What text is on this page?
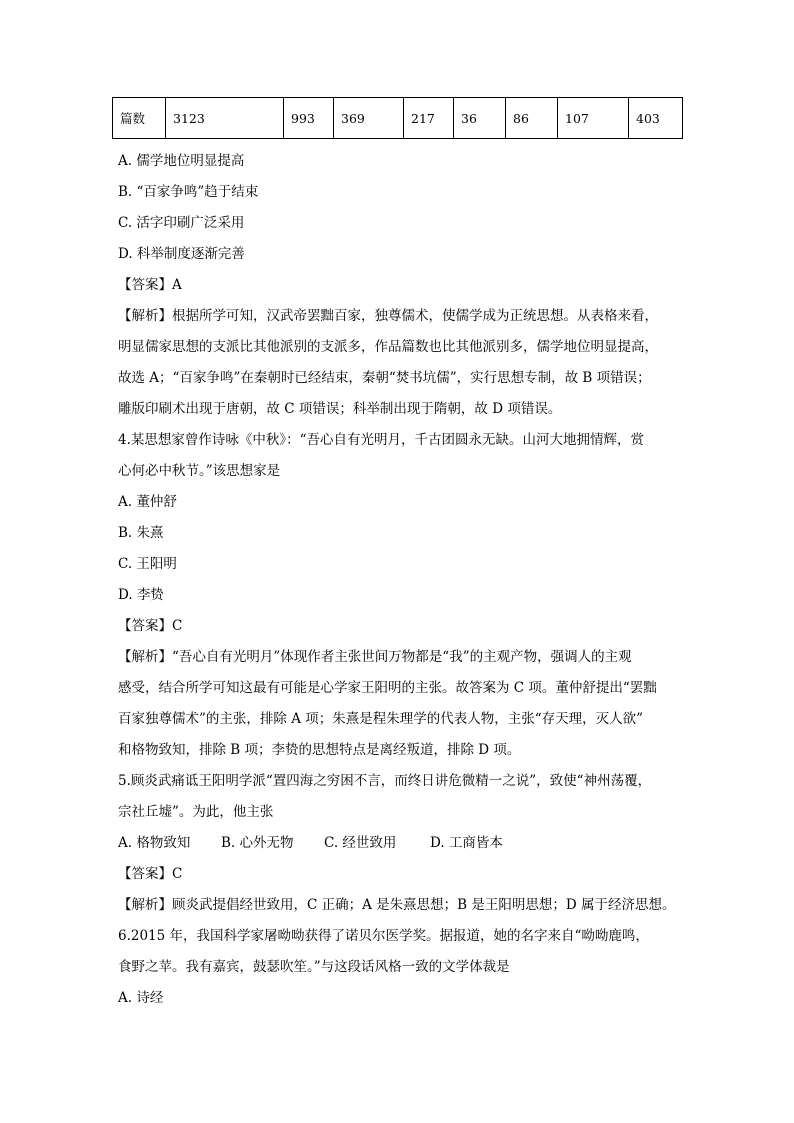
篇数	3123	993	369	217	36	86	107	403

A. 儒学地位明显提高

B. “百家争鸣”趋于结束

C. 活字印刷广泛采用

D. 科举制度逐渐完善

【答案】A

【解析】根据所学可知，汉武帝罢黜百家，独尊儒术，使儒学成为正统思想。从表格来看，

明显儒家思想的支派比其他派别的支派多，作品篇数也比其他派别多，儒学地位明显提高，

故选 A；“百家争鸣”在秦朝时已经结束，秦朝“焚书坑儒”，实行思想专制，故 B 项错误；

雕版印刷术出现于唐朝，故 C 项错误；科举制出现于隋朝，故 D 项错误。

4.某思想家曾作诗咏《中秋》：“吾心自有光明月，千古团圆永无缺。山河大地拥情辉，赏

心何必中秋节。”该思想家是

A. 董仲舒

B. 朱熹

C. 王阳明

D. 李贽

【答案】C

【解析】“吾心自有光明月”体现作者主张世间万物都是“我”的主观产物，强调人的主观

感受，结合所学可知这最有可能是心学家王阳明的主张。故答案为 C 项。董仲舒提出“罢黜

百家独尊儒术”的主张，排除 A 项；朱熹是程朱理学的代表人物，主张“存天理，灭人欲”

和格物致知，排除 B 项；李贽的思想特点是离经叛道，排除 D 项。

5.顾炎武痛诋王阳明学派“置四海之穷困不言，而终日讲危微精一之说”，致使“神州荡覆，

宗社丘墟”。为此，他主张

A. 格物致知	B. 心外无物	C. 经世致用	D. 工商皆本

【答案】C

【解析】顾炎武提倡经世致用，C 正确；A 是朱熹思想；B 是王阳明思想；D 属于经济思想。

6.2015 年，我国科学家屠呦呦获得了诺贝尔医学奖。据报道，她的名字来自“呦呦鹿鸣，

食野之苹。我有嘉宾，鼓瑟吹笙。”与这段话风格一致的文学体裁是

A. 诗经
